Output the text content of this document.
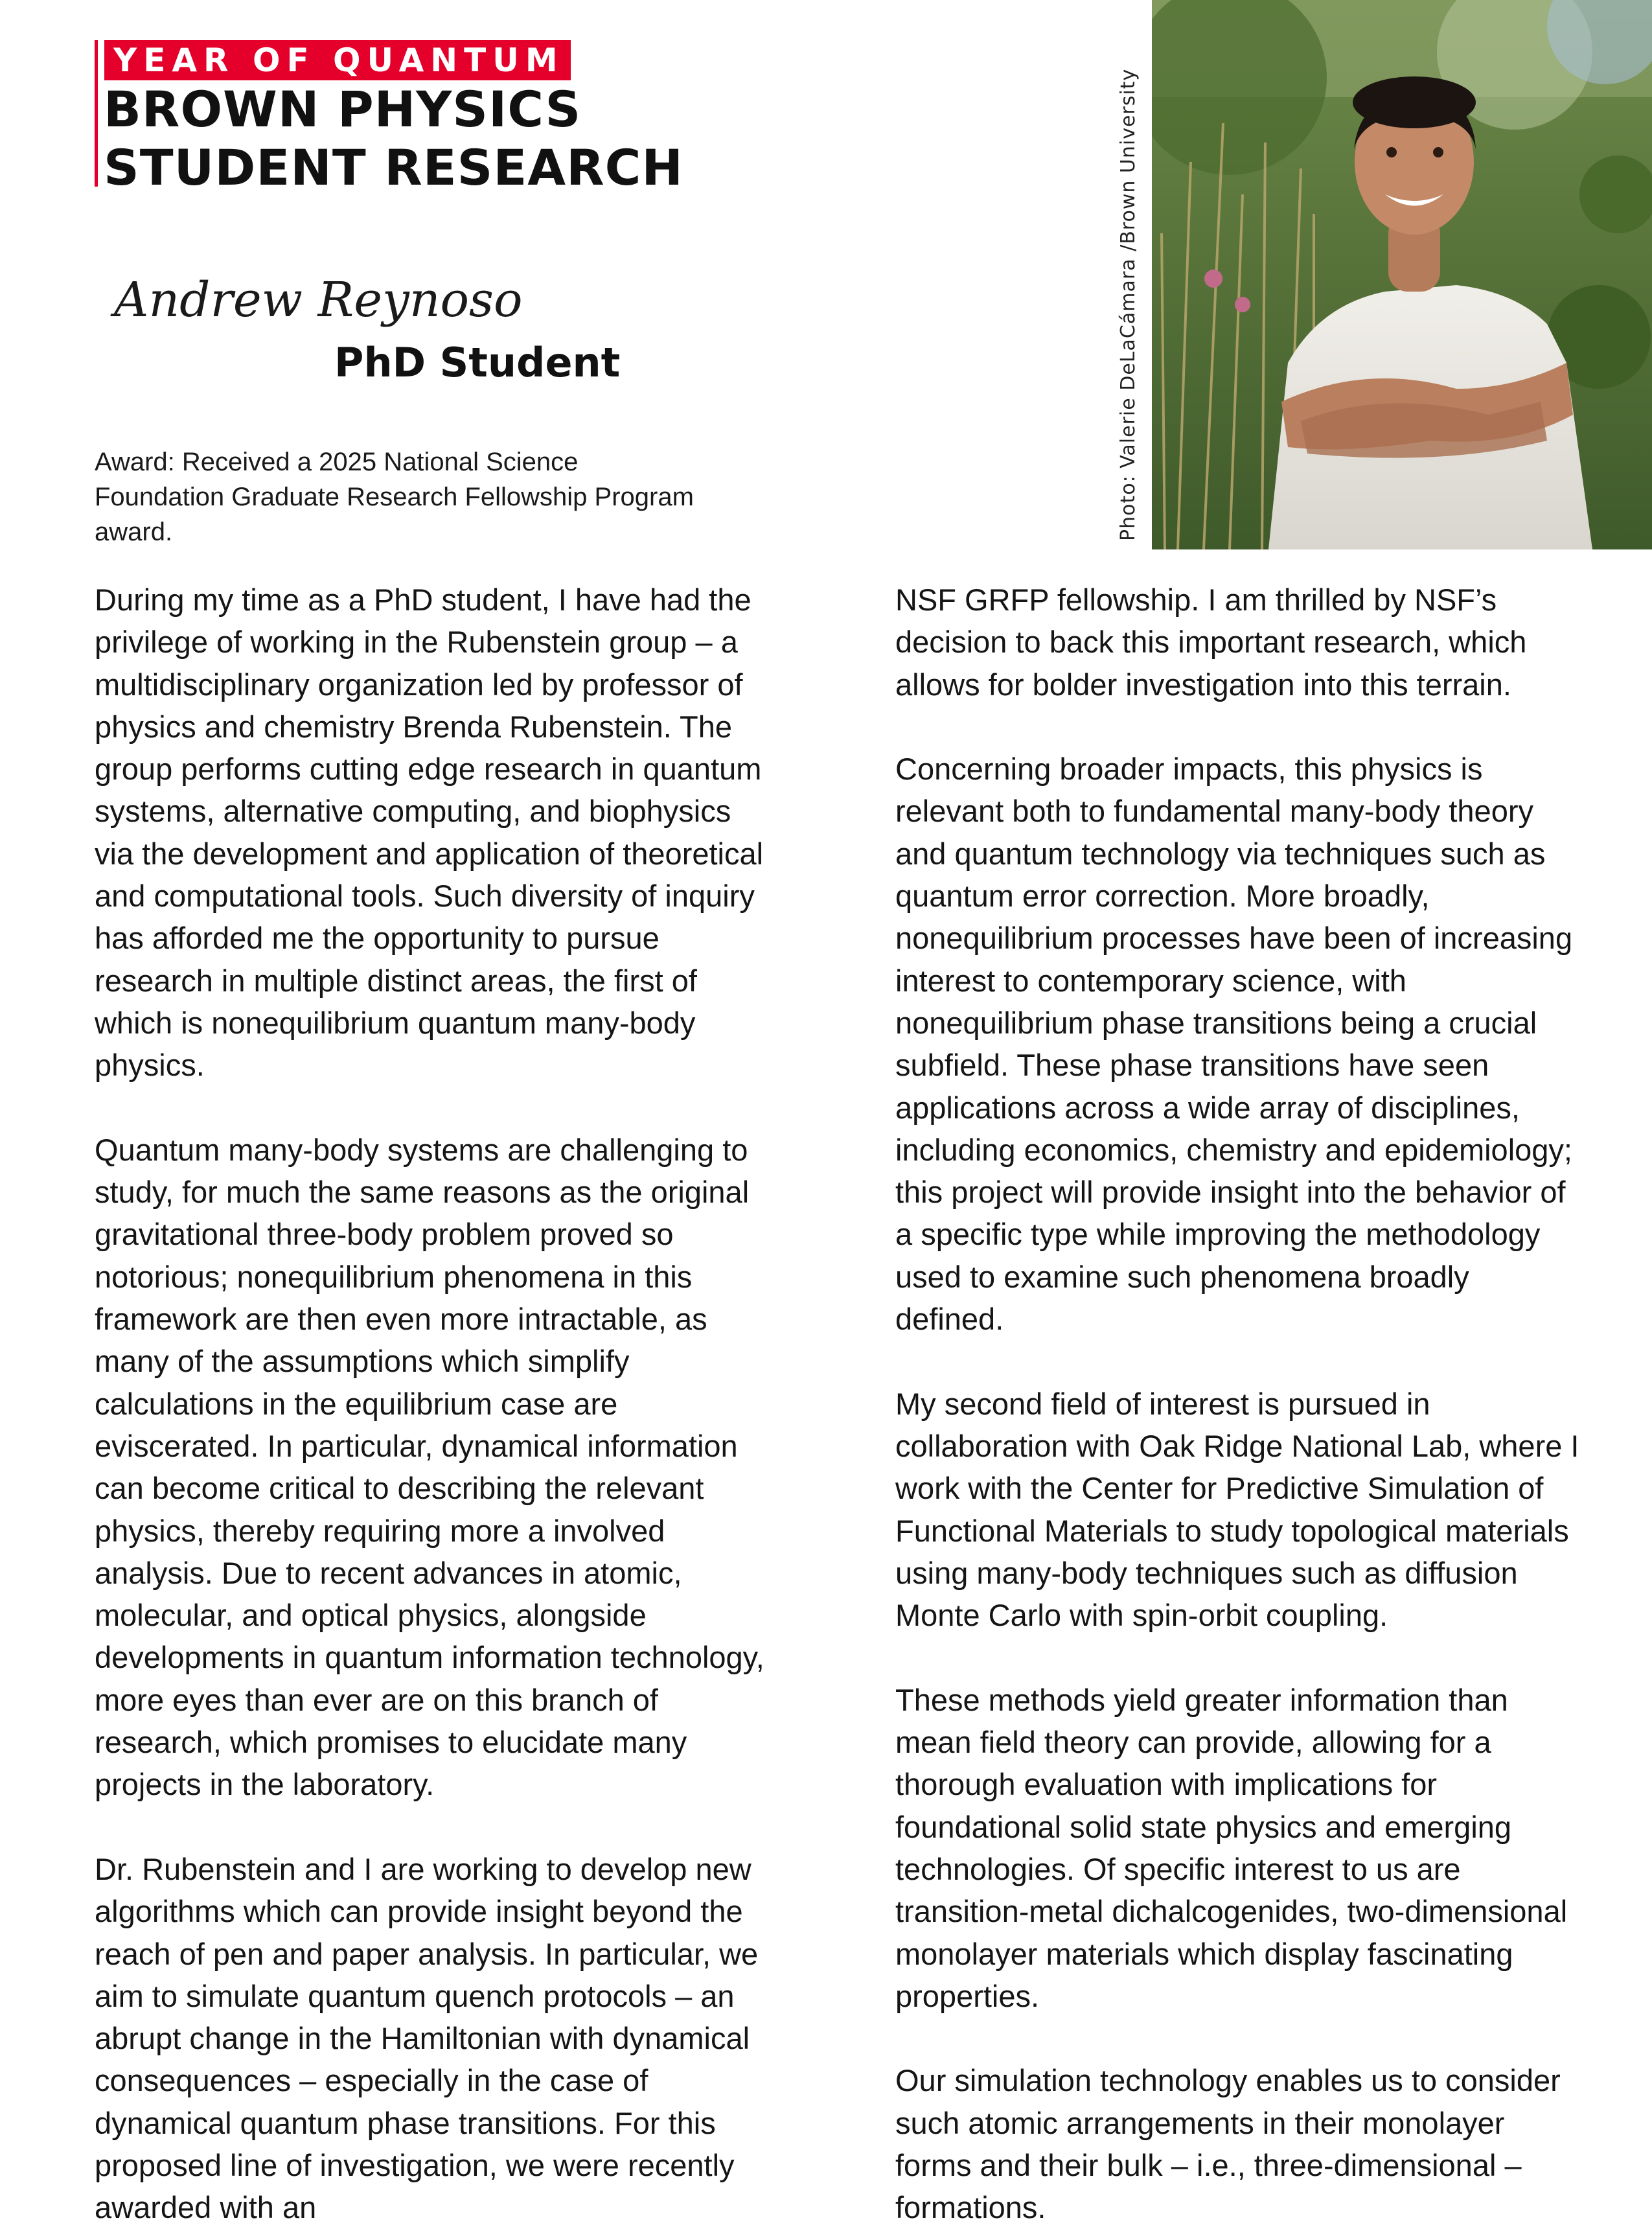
YEAR OF QUANTUM
BROWN PHYSICS
STUDENT RESEARCH
Andrew Reynoso
PhD Student
Award: Received a 2025 National Science Foundation Graduate Research Fellowship Program award.	Photo: Valerie DeLaCámara /Brown University

During my time as a PhD student, I have had the privilege of working in the Rubenstein group – a multidisciplinary organization led by professor of physics and chemistry Brenda Rubenstein. The group performs cutting edge research in quantum systems, alternative computing, and biophysics via the development and application of theoretical and computational tools. Such diversity of inquiry has afforded me the opportunity to pursue research in multiple distinct areas, the first of which is nonequilibrium quantum many-body physics.

Quantum many-body systems are challenging to study, for much the same reasons as the original gravitational three-body problem proved so notorious; nonequilibrium phenomena in this framework are then even more intractable, as many of the assumptions which simplify calculations in the equilibrium case are eviscerated. In particular, dynamical information can become critical to describing the relevant physics, thereby requiring more a involved analysis. Due to recent advances in atomic, molecular, and optical physics, alongside developments in quantum information technology, more eyes than ever are on this branch of research, which promises to elucidate many projects in the laboratory.

Dr. Rubenstein and I are working to develop new algorithms which can provide insight beyond the reach of pen and paper analysis. In particular, we aim to simulate quantum quench protocols – an abrupt change in the Hamiltonian with dynamical consequences – especially in the case of dynamical quantum phase transitions. For this proposed line of investigation, we were recently awarded with an

NSF GRFP fellowship. I am thrilled by NSF’s decision to back this important research, which allows for bolder investigation into this terrain.

Concerning broader impacts, this physics is relevant both to fundamental many-body theory and quantum technology via techniques such as quantum error correction. More broadly, nonequilibrium processes have been of increasing interest to contemporary science, with nonequilibrium phase transitions being a crucial subfield. These phase transitions have seen applications across a wide array of disciplines, including economics, chemistry and epidemiology; this project will provide insight into the behavior of a specific type while improving the methodology used to examine such phenomena broadly defined.

My second field of interest is pursued in collaboration with Oak Ridge National Lab, where I work with the Center for Predictive Simulation of Functional Materials to study topological materials using many-body techniques such as diffusion Monte Carlo with spin-orbit coupling.

These methods yield greater information than mean field theory can provide, allowing for a thorough evaluation with implications for foundational solid state physics and emerging technologies. Of specific interest to us are transition-metal dichalcogenides, two-dimensional monolayer materials which display fascinating properties.

Our simulation technology enables us to consider such atomic arrangements in their monolayer forms and their bulk – i.e., three-dimensional – formations.
